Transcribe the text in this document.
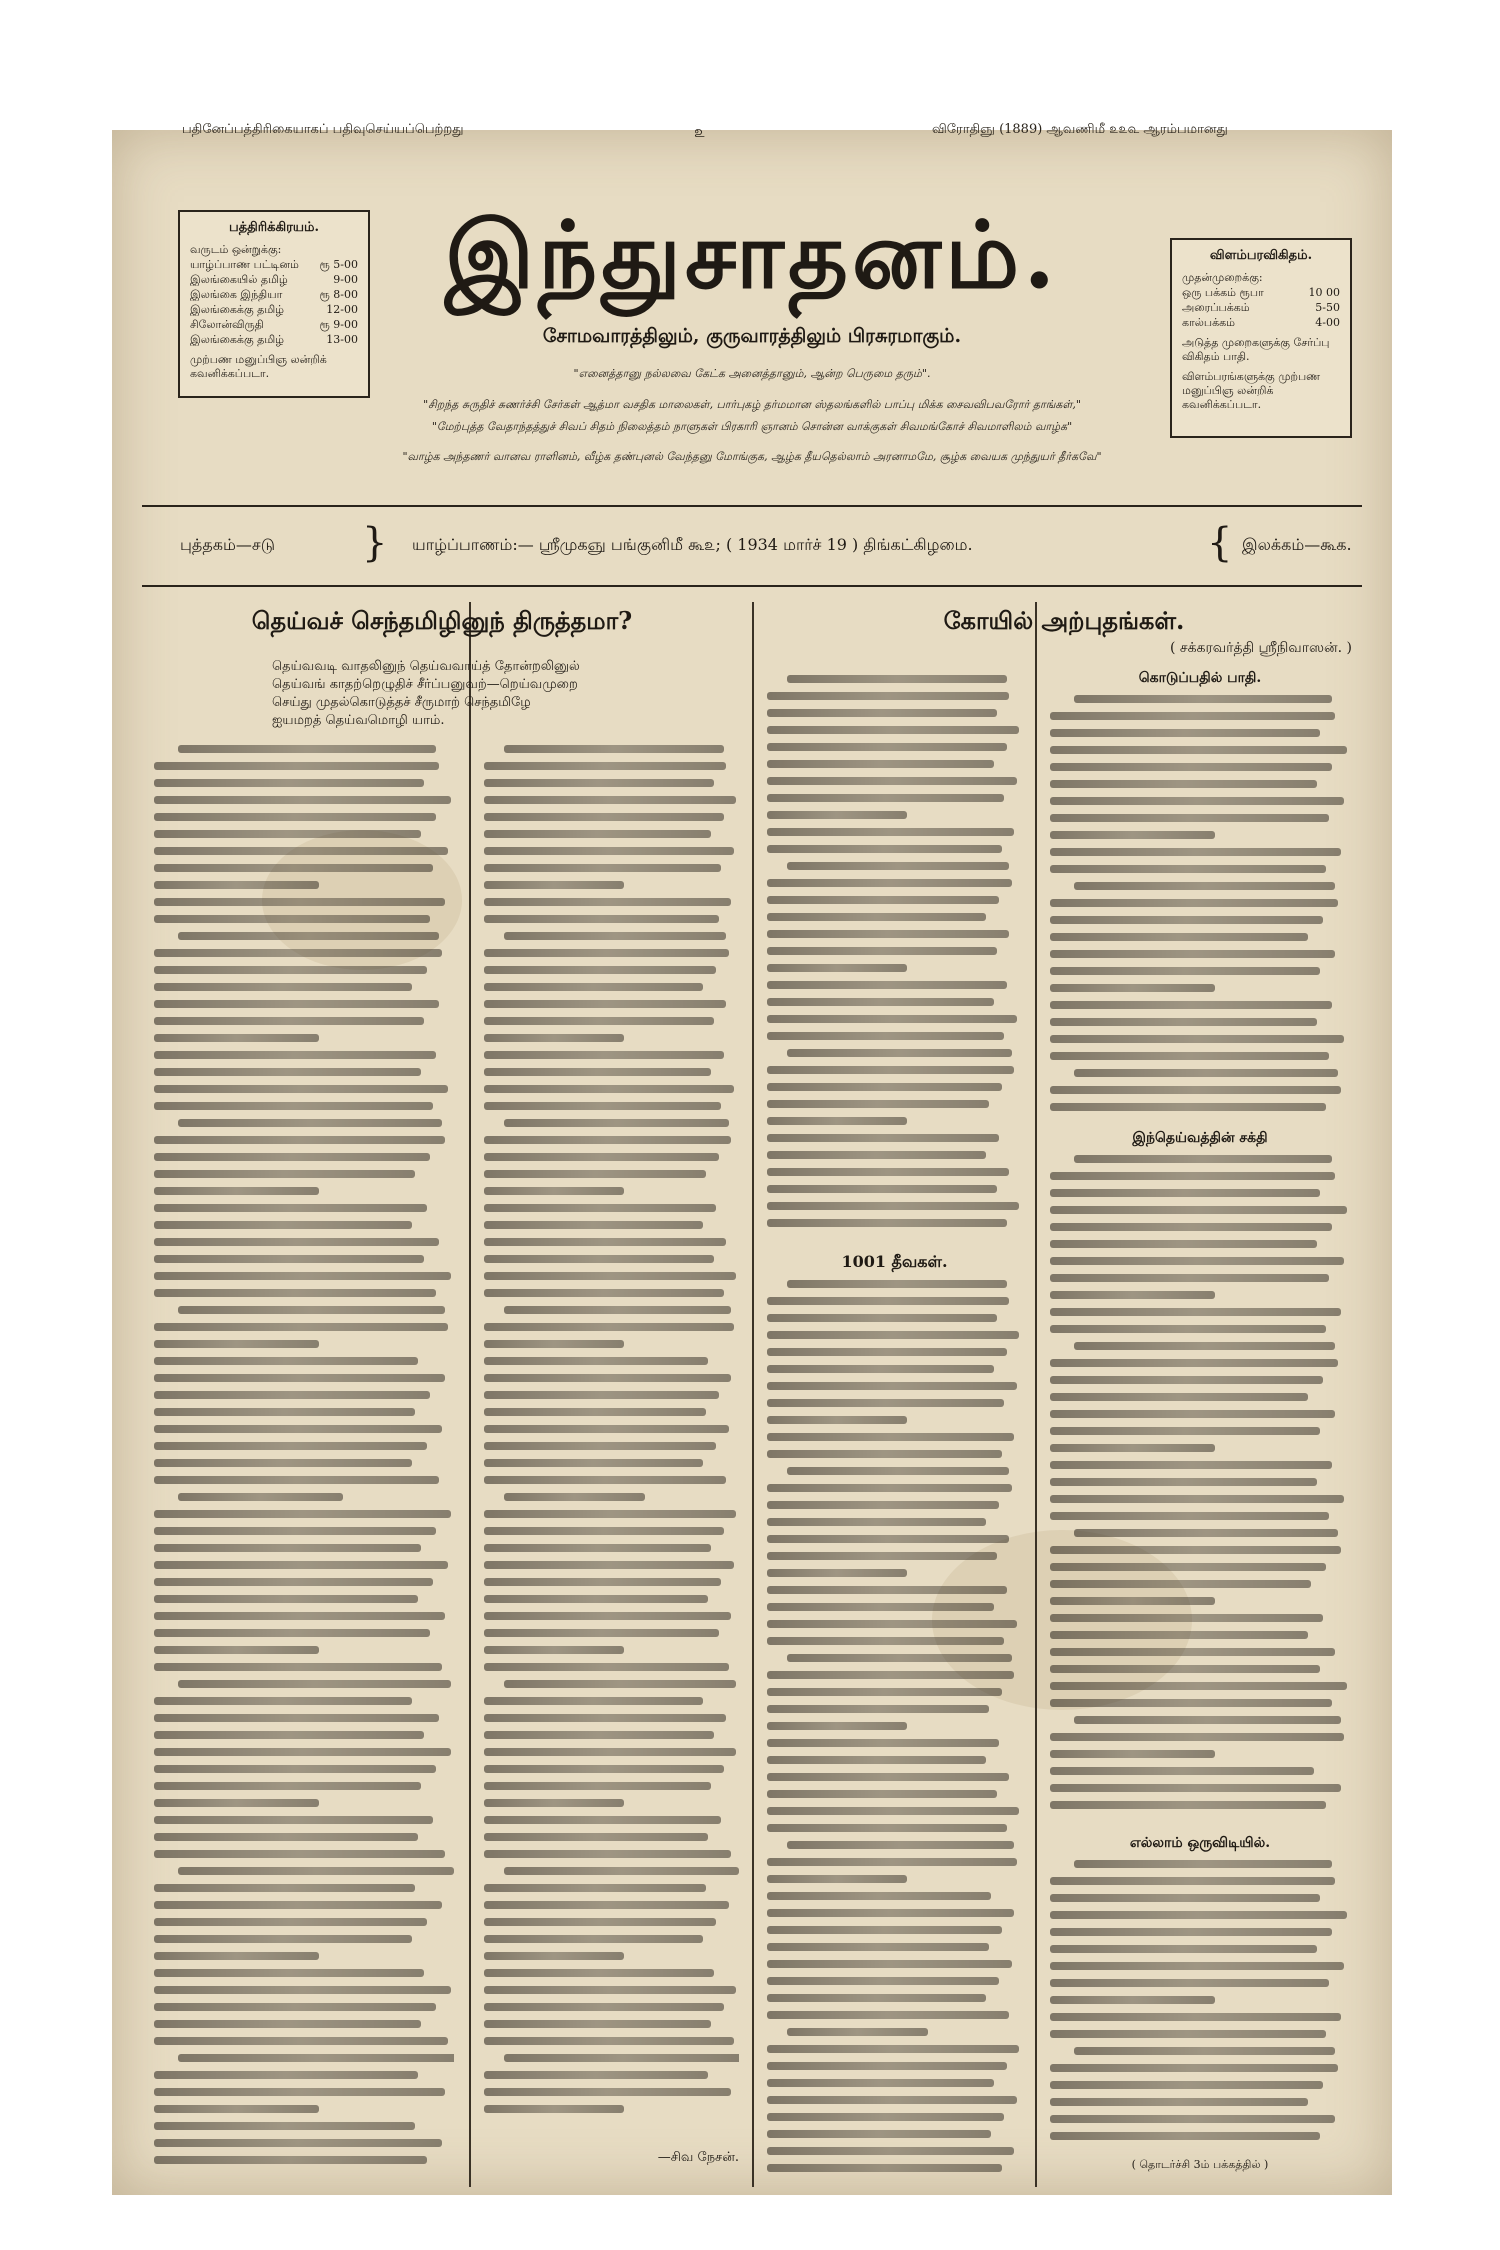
பதினேப்பத்திரிகையாகப் பதிவுசெய்யப்பெற்றது	௨	விரோதிஞு (1889) ஆவணிமீ ௨௨௳ ஆரம்பமானது
பத்திரிக்கிரயம்.
வருடம் ஒன்றுக்கு:
யாழ்ப்பாண பட்டினம் ரூ 5-00
இலங்கையில் தமிழ்	9-00
இலங்கை இந்தியா	ரூ 8-00
இலங்கைக்கு தமிழ்	12-00
சிலோன்விருதி	ரூ 9-00
இலங்கைக்கு தமிழ்	13-00
முற்பண மனுப்பிஞ லன்றிக் கவனிக்கப்படா.
விளம்பரவிகிதம்.
முதன்முறைக்கு:
ஒரு பக்கம் ரூபா	10 00
அரைப்பக்கம்	5-50
கால்பக்கம்	4-00
அடுத்த முறைகளுக்கு சேர்ப்பு விகிதம் பாதி.
விளம்பரங்களுக்கு முற்பண மனுப்பிஞ லன்றிக் கவனிக்கப்படா.
இந்துசாதனம்.
சோமவாரத்திலும், குருவாரத்திலும் பிரசுரமாகும்.
"எனைத்தானு நல்லவை கேட்க அனைத்தானும், ஆன்ற பெருமை தரும்".
"சிறந்த சுருதிச் சுணர்ச்சி சேர்கள் ஆத்மா வசதிக மாலைகள், பார்புகழ் தர்மமான ஸ்தலங்களில் பாப்பு மிக்க சைவவிபவரோர் தாங்கள்,"
"மேற்புத்த வேதாந்தத்துச் சிவப் சிதம் நிலைத்தம் நாளுகள் பிரகாரி ஞானம் சொன்ன வாக்குகள் சிவமங்கோச் சிவமாளிலம் வாழ்க"
"வாழ்க அந்தணர் வானவ ராளினம், வீழ்க தண்புனல் வேந்தனு மோங்குக, ஆழ்க தீயதெல்லாம் அரனாமமே, சூழ்க வையக முந்துயர் தீர்கவே"
புத்தகம்—சடு } யாழ்ப்பாணம்:— ஸ்ரீமுகஞு பங்குனிமீ கூ௨; ( 1934 மார்ச் 19 ) திங்கட்கிழமை.	{ இலக்கம்—கூக.
தெய்வச் செந்தமிழினுந் திருத்தமா?
தெய்வவடி வாதலினுந் தெய்வவாய்த் தோன்றலினுல்
தெய்வங் காதற்றெழுதிச் சீர்ப்பனுவற்—றெய்வமுறை
செய்து முதல்கொடுத்தச் சீருமாற் செந்தமிழே
ஐயமறத் தெய்வமொழி யாம்.
கோயில் அற்புதங்கள்.
( சக்கரவர்த்தி ஸ்ரீநிவாஸன். )
—சிவ நேசன்.
1001 தீவகள்.
கொடுப்பதில் பாதி.
இந்தெய்வத்தின் சக்தி
எல்லாம் ஒருவிடியில்.
( தொடர்ச்சி 3ம் பக்கத்தில் )
